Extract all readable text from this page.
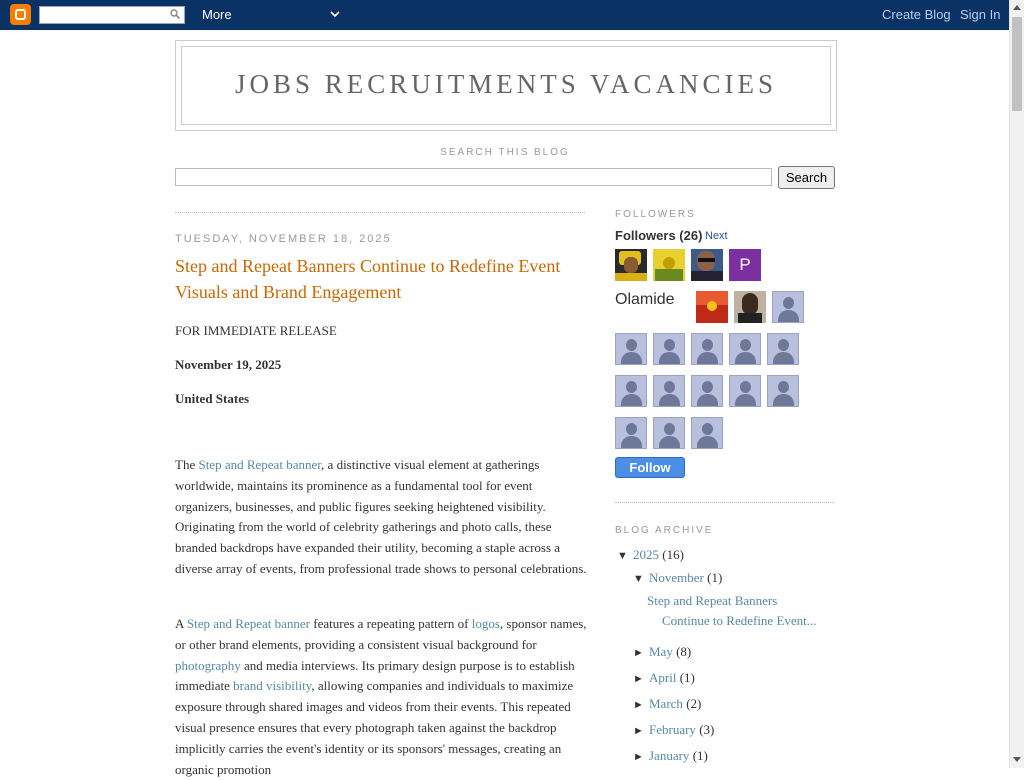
More	Create Blog Sign In
JOBS RECRUITMENTS VACANCIES
SEARCH THIS BLOG
Search
TUESDAY, NOVEMBER 18, 2025
Step and Repeat Banners Continue to Redefine Event Visuals and Brand Engagement
FOR IMMEDIATE RELEASE
November 19, 2025
United States
The Step and Repeat banner, a distinctive visual element at gatherings worldwide, maintains its prominence as a fundamental tool for event organizers, businesses, and public figures seeking heightened visibility. Originating from the world of celebrity gatherings and photo calls, these branded backdrops have expanded their utility, becoming a staple across a diverse array of events, from professional trade shows to personal celebrations.
A Step and Repeat banner features a repeating pattern of logos, sponsor names, or other brand elements, providing a consistent visual background for photography and media interviews. Its primary design purpose is to establish immediate brand visibility, allowing companies and individuals to maximize exposure through shared images and videos from their events. This repeated visual presence ensures that every photograph taken against the backdrop implicitly carries the event's identity or its sponsors' messages, creating an organic promotion
FOLLOWERS
Followers (26) Next
P
Olamide
Follow
BLOG ARCHIVE
▼ 2025 (16)
▼ November (1)
Step and Repeat Banners
Continue to Redefine Event...
► May (8)
► April (1)
► March (2)
► February (3)
► January (1)
